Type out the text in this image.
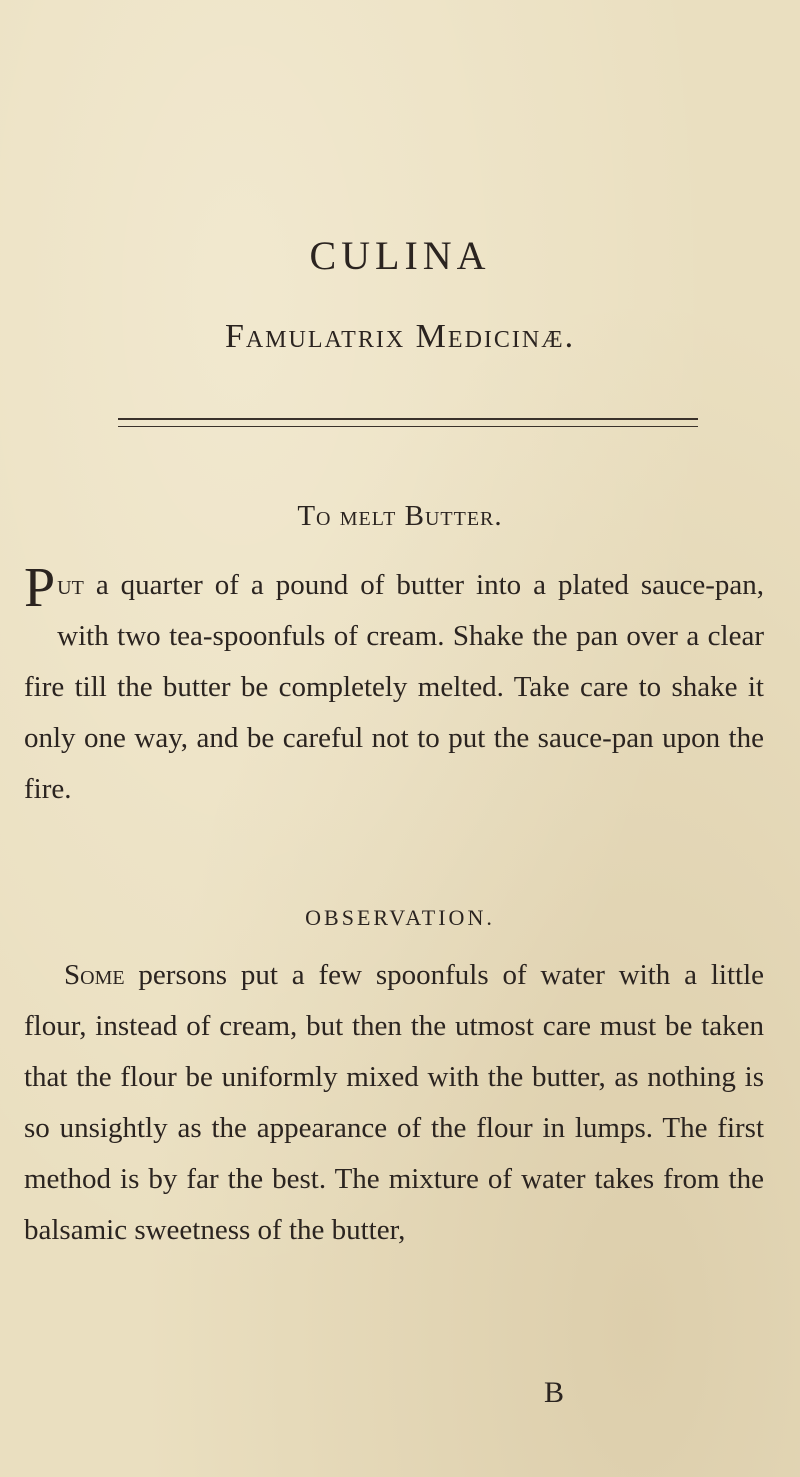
CULINA
Famulatrix Medicinæ.
To melt Butter.
Put a quarter of a pound of butter into a plated sauce-pan, with two tea-spoonfuls of cream. Shake the pan over a clear fire till the butter be completely melted. Take care to shake it only one way, and be careful not to put the sauce-pan upon the fire.
OBSERVATION.
Some persons put a few spoonfuls of water with a little flour, instead of cream, but then the utmost care must be taken that the flour be uniformly mixed with the butter, as nothing is so unsightly as the appearance of the flour in lumps. The first method is by far the best. The mixture of water takes from the balsamic sweetness of the butter,
B
